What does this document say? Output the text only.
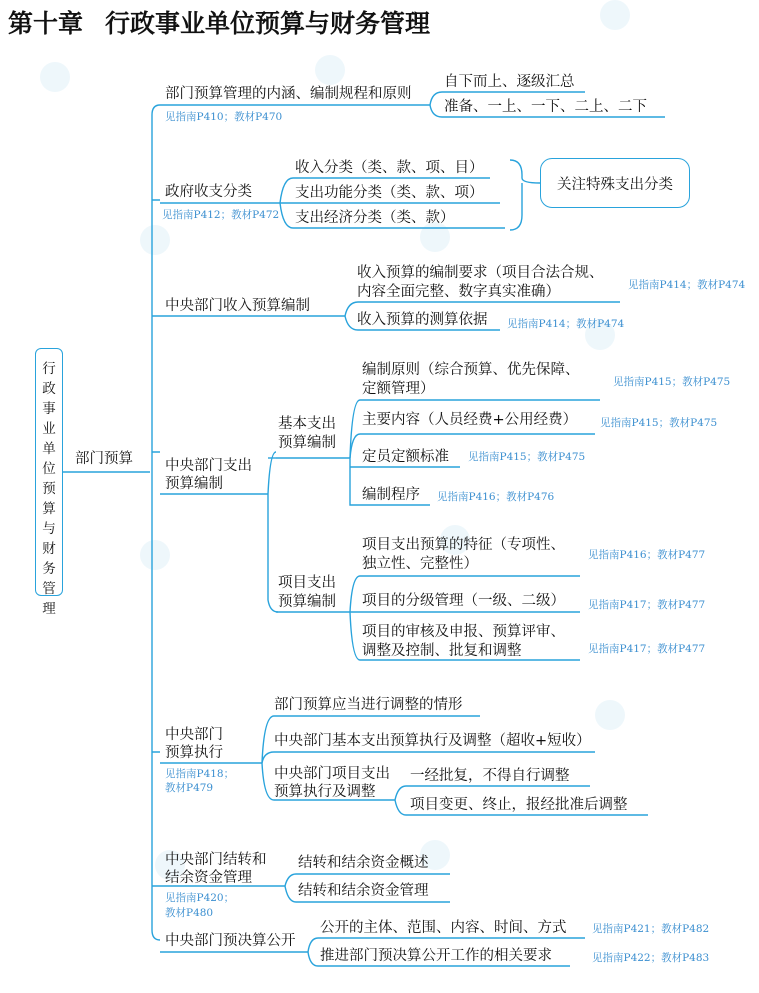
第十章 行政事业单位预算与财务管理
行政事业单位预算与财务管理
部门预算
部门预算管理的内涵、编制规程和原则
见指南P410；教材P470
自下而上、逐级汇总
准备、一上、一下、二上、二下
政府收支分类
见指南P412；教材P472
收入分类（类、款、项、目）
支出功能分类（类、款、项）
支出经济分类（类、款）
关注特殊支出分类
中央部门收入预算编制
收入预算的编制要求（项目合法合规、
内容全面完整、数字真实准确）	见指南P414；教材P474
收入预算的测算依据 见指南P414；教材P474
中央部门支出
预算编制
基本支出
预算编制
编制原则（综合预算、优先保障、
定额管理）	见指南P415；教材P475
主要内容（人员经费+公用经费） 见指南P415；教材P475
定员定额标准 见指南P415；教材P475
编制程序 见指南P416；教材P476
项目支出
预算编制
项目支出预算的特征（专项性、
独立性、完整性）
见指南P416；教材P477
项目的分级管理（一级、二级） 见指南P417；教材P477
项目的审核及申报、预算评审、
调整及控制、批复和调整	见指南P417；教材P477
中央部门
预算执行
见指南P418；
教材P479
部门预算应当进行调整的情形
中央部门基本支出预算执行及调整（超收+短收）
中央部门项目支出
预算执行及调整
一经批复，不得自行调整
项目变更、终止，报经批准后调整
中央部门结转和
结余资金管理
见指南P420；
教材P480
结转和结余资金概述
结转和结余资金管理
中央部门预决算公开
公开的主体、范围、内容、时间、方式 见指南P421；教材P482
推进部门预决算公开工作的相关要求	见指南P422；教材P483
